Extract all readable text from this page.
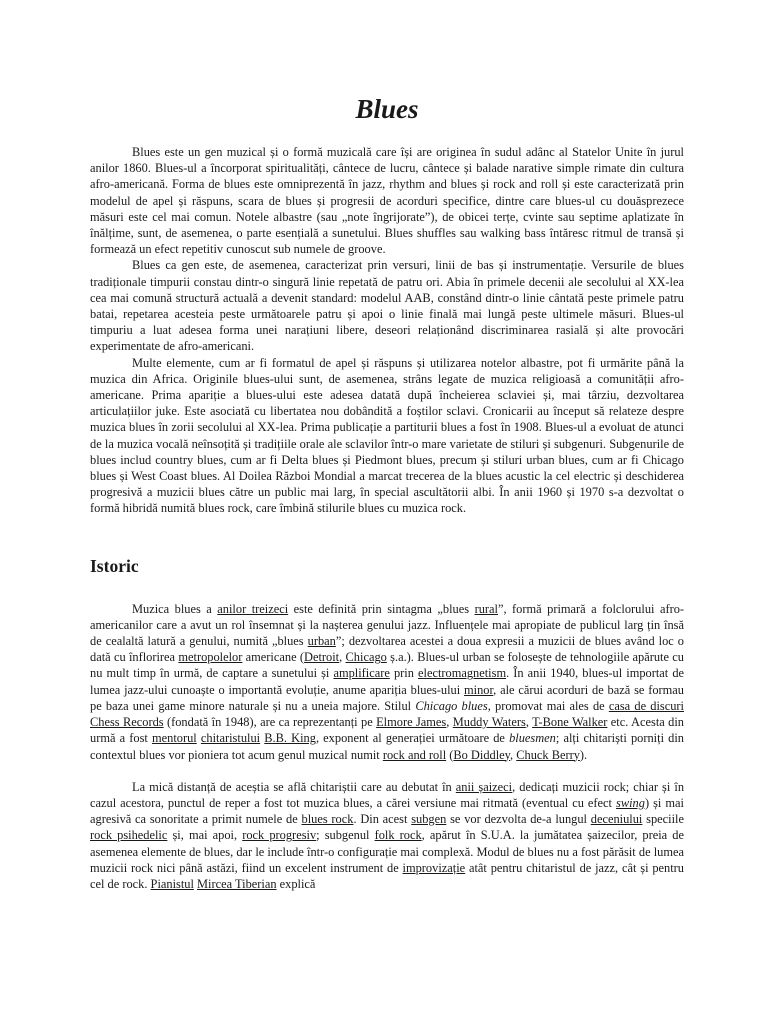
Blues

Blues este un gen muzical și o formă muzicală care își are originea în sudul adânc al Statelor Unite în jurul anilor 1860. Blues-ul a încorporat spiritualități, cântece de lucru, cântece și balade narative simple rimate din cultura afro-americană. Forma de blues este omniprezentă în jazz, rhythm and blues și rock and roll și este caracterizată prin modelul de apel și răspuns, scara de blues și progresii de acorduri specifice, dintre care blues-ul cu douăsprezece măsuri este cel mai comun. Notele albastre (sau „note îngrijorate”), de obicei terțe, cvinte sau septime aplatizate în înălțime, sunt, de asemenea, o parte esențială a sunetului. Blues shuffles sau walking bass întăresc ritmul de transă și formează un efect repetitiv cunoscut sub numele de groove.

Blues ca gen este, de asemenea, caracterizat prin versuri, linii de bas și instrumentație. Versurile de blues tradiționale timpurii constau dintr-o singură linie repetată de patru ori. Abia în primele decenii ale secolului al XX-lea cea mai comună structură actuală a devenit standard: modelul AAB, constând dintr-o linie cântată peste primele patru batai, repetarea acesteia peste următoarele patru și apoi o linie finală mai lungă peste ultimele măsuri. Blues-ul timpuriu a luat adesea forma unei narațiuni libere, deseori relaționând discriminarea rasială și alte provocări experimentate de afro-americani.

Multe elemente, cum ar fi formatul de apel și răspuns și utilizarea notelor albastre, pot fi urmărite până la muzica din Africa. Originile blues-ului sunt, de asemenea, strâns legate de muzica religioasă a comunității afro-americane. Prima apariție a blues-ului este adesea datată după încheierea sclaviei și, mai târziu, dezvoltarea articulațiilor juke. Este asociată cu libertatea nou dobândită a foștilor sclavi. Cronicarii au început să relateze despre muzica blues în zorii secolului al XX-lea. Prima publicație a partiturii blues a fost în 1908. Blues-ul a evoluat de atunci de la muzica vocală neînsoțită și tradițiile orale ale sclavilor într-o mare varietate de stiluri și subgenuri. Subgenurile de blues includ country blues, cum ar fi Delta blues și Piedmont blues, precum și stiluri urban blues, cum ar fi Chicago blues și West Coast blues. Al Doilea Război Mondial a marcat trecerea de la blues acustic la cel electric și deschiderea progresivă a muzicii blues către un public mai larg, în special ascultătorii albi. În anii 1960 și 1970 s-a dezvoltat o formă hibridă numită blues rock, care îmbină stilurile blues cu muzica rock.

Istoric

Muzica blues a anilor treizeci este definită prin sintagma „blues rural”, formă primară a folclorului afro-americanilor care a avut un rol însemnat și la nașterea genului jazz. Influențele mai apropiate de publicul larg țin însă de cealaltă latură a genului, numită „blues urban”; dezvoltarea acestei a doua expresii a muzicii de blues având loc o dată cu înflorirea metropolelor americane (Detroit, Chicago ș.a.). Blues-ul urban se folosește de tehnologiile apărute cu nu mult timp în urmă, de captare a sunetului și amplificare prin electromagnetism. În anii 1940, blues-ul importat de lumea jazz-ului cunoaște o importantă evoluție, anume apariția blues-ului minor, ale cărui acorduri de bază se formau pe baza unei game minore naturale și nu a uneia majore. Stilul Chicago blues, promovat mai ales de casa de discuri Chess Records (fondată în 1948), are ca reprezentanți pe Elmore James, Muddy Waters, T-Bone Walker etc. Acesta din urmă a fost mentorul chitaristului B.B. King, exponent al generației următoare de bluesmen; alți chitariști porniți din contextul blues vor pioniera tot acum genul muzical numit rock and roll (Bo Diddley, Chuck Berry).

La mică distanță de aceștia se află chitariștii care au debutat în anii șaizeci, dedicați muzicii rock; chiar și în cazul acestora, punctul de reper a fost tot muzica blues, a cărei versiune mai ritmată (eventual cu efect swing) și mai agresivă ca sonoritate a primit numele de blues rock. Din acest subgen se vor dezvolta de-a lungul deceniului speciile rock psihedelic și, mai apoi, rock progresiv; subgenul folk rock, apărut în S.U.A. la jumătatea șaizecilor, preia de asemenea elemente de blues, dar le include într-o configurație mai complexă. Modul de blues nu a fost părăsit de lumea muzicii rock nici până astăzi, fiind un excelent instrument de improvizație atât pentru chitaristul de jazz, cât și pentru cel de rock. Pianistul Mircea Tiberian explică
